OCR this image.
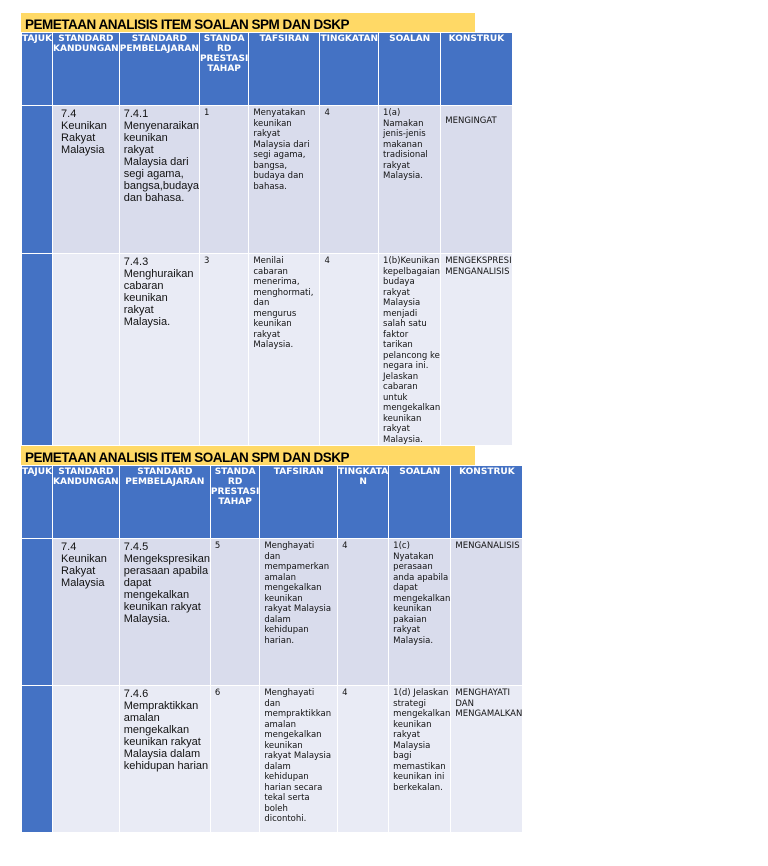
PEMETAAN ANALISIS ITEM SOALAN SPM DAN DSKP
TAJUK	STANDARD KANDUNGAN	STANDARD PEMBELAJARAN	STANDA RD PRESTASI TAHAP	TAFSIRAN	TINGKATAN	SOALAN	KONSTRUK

	7.4 Keunikan Rakyat Malaysia	7.4.1 Menyenaraikan keunikan rakyat Malaysia dari segi agama, bangsa,budaya dan bahasa.	1	Menyatakan keunikan rakyat Malaysia dari segi agama, bangsa, budaya dan bahasa.	4	1(a) Namakan jenis-jenis makanan tradisional rakyat Malaysia.	MENGINGAT

		7.4.3 Menghuraikan cabaran keunikan rakyat Malaysia.	3	Menilai cabaran menerima, menghormati, dan mengurus keunikan rakyat Malaysia.	4	1(b)Keunikan kepelbagaian budaya rakyat Malaysia menjadi salah satu faktor tarikan pelancong ke negara ini. Jelaskan cabaran untuk mengekalkan keunikan rakyat Malaysia.	MENGEKSPRESI MENGANALISIS
PEMETAAN ANALISIS ITEM SOALAN SPM DAN DSKP
TAJUK	STANDARD KANDUNGAN	STANDARD PEMBELAJARAN	STANDA RD PRESTASI TAHAP	TAFSIRAN	TINGKATA N	SOALAN	KONSTRUK

	7.4 Keunikan Rakyat Malaysia	7.4.5 Mengekspresikan perasaan apabila dapat mengekalkan keunikan rakyat Malaysia.	5	Menghayati dan mempamerkan amalan mengekalkan keunikan rakyat Malaysia dalam kehidupan harian.	4	1(c) Nyatakan perasaan anda apabila dapat mengekalkan keunikan pakaian rakyat Malaysia.	MENGANALISIS

		7.4.6 Mempraktikkan amalan mengekalkan keunikan rakyat Malaysia dalam kehidupan harian	6	Menghayati dan mempraktikkan amalan mengekalkan keunikan rakyat Malaysia dalam kehidupan harian secara tekal serta boleh dicontohi.	4	1(d) Jelaskan strategi mengekalkan keunikan rakyat Malaysia bagi memastikan keunikan ini berkekalan.	MENGHAYATI DAN MENGAMALKAN
